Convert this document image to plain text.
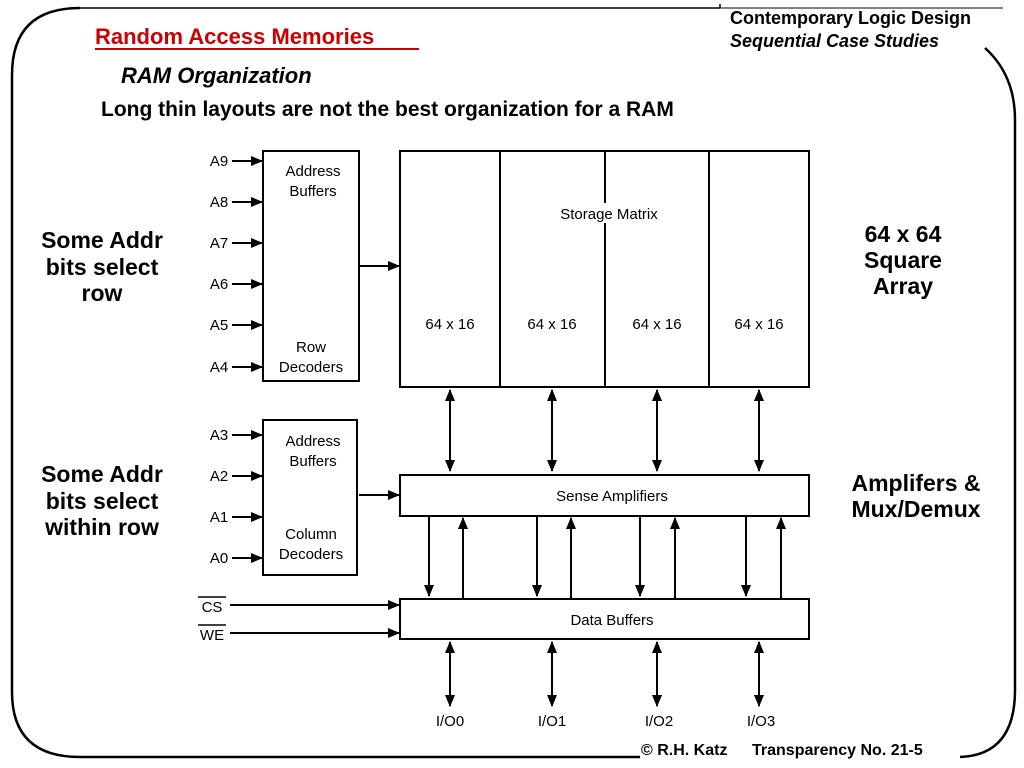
Random Access Memories
Contemporary Logic Design
Sequential Case Studies
RAM Organization
Long thin layouts are not the best organization for a RAM
A9
A8
A7
A6
A5
A4
Address
Buffers
Row
Decoders
Storage Matrix
64 x 16	64 x 16	64 x 16	64 x 16
Sense Amplifiers
A3
A2
A1
A0
Address
Buffers
Column
Decoders
Data Buffers
CS
WE
I/O0	I/O1	I/O2	I/O3
Some Addr
bits select
row
Some Addr
bits select
within row
64 x 64
Square
Array
Amplifers &
Mux/Demux
© R.H. Katz Transparency No. 21-5
